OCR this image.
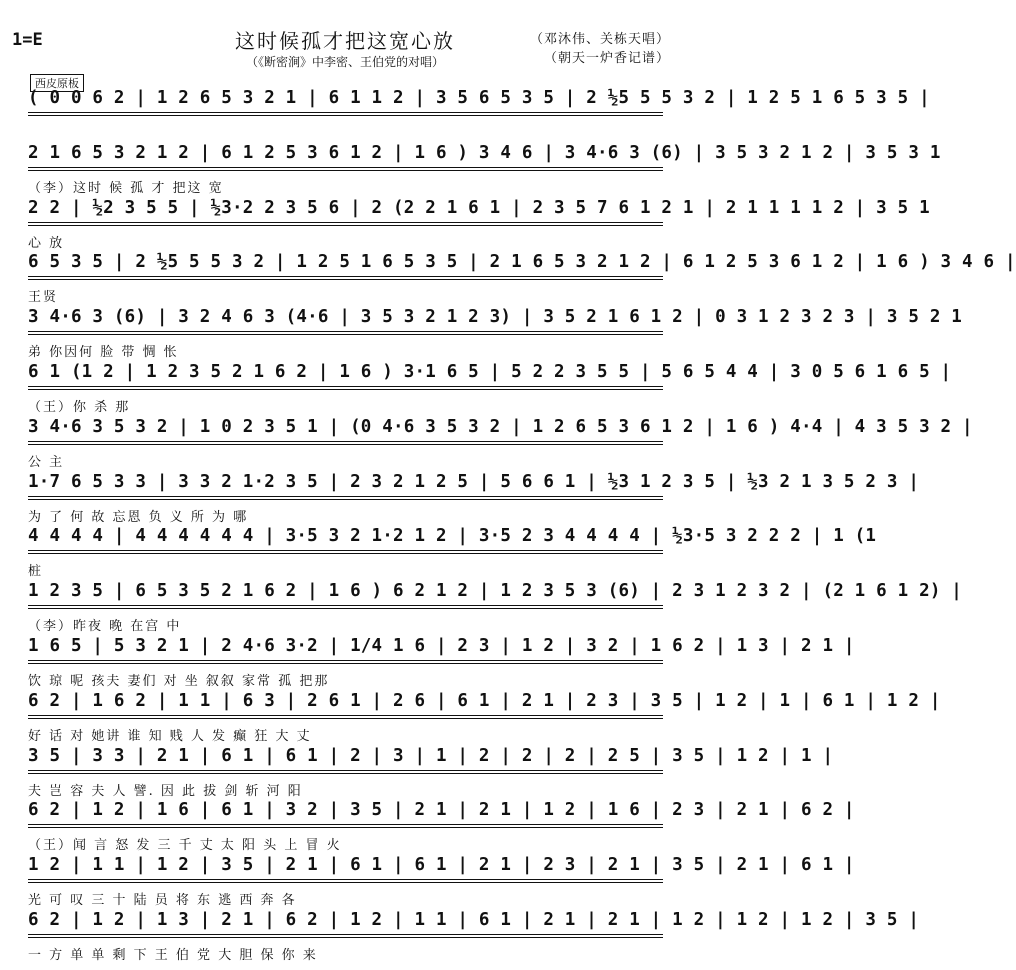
1=E	这时候孤才把这宽心放
（《断密涧》中李密、王伯党的对唱）
（邓沐伟、关栋天唱）
（朝天一炉香记谱）
西皮原板
( 0 0 6 2 | 1 2 6 5 3 2 1 | 6 1 1 2 | 3 5 6 5 3 5 | 2 ½5 5 5 3 2 | 1 2 5 1 6 5 3 5 |
2 1 6 5 3 2 1 2 | 6 1 2 5 3 6 1 2 | 1 6 ) 3 4 6 | 3 4·6 3 (6) | 3 5 3 2 1 2 | 3 5 3 1
（李）这时 候 孤 才 把这 宽
2 2 | ½2 3 5 5 | ½3·2 2 3 5 6 | 2 (2 2 1 6 1 | 2 3 5 7 6 1 2 1 | 2 1 1 1 1 2 | 3 5 1
心 放
6 5 3 5 | 2 ½5 5 5 3 2 | 1 2 5 1 6 5 3 5 | 2 1 6 5 3 2 1 2 | 6 1 2 5 3 6 1 2 | 1 6 ) 3 4 6 |
王贤
3 4·6 3 (6) | 3 2 4 6 3 (4·6 | 3 5 3 2 1 2 3) | 3 5 2 1 6 1 2 | 0 3 1 2 3 2 3 | 3 5 2 1
弟 你因何 脸 带 惆 怅
6 1 (1 2 | 1 2 3 5 2 1 6 2 | 1 6 ) 3·1 6 5 | 5 2 2 3 5 5 | 5 6 5 4 4 | 3 0 5 6 1 6 5 |
（王）你 杀 那
3 4·6 3 5 3 2 | 1 0 2 3 5 1 | (0 4·6 3 5 3 2 | 1 2 6 5 3 6 1 2 | 1 6 ) 4·4 | 4 3 5 3 2 |
公 主
1·7 6 5 3 3 | 3 3 2 1·2 3 5 | 2 3 2 1 2 5 | 5 6 6 1 | ½3 1 2 3 5 | ½3 2 1 3 5 2 3 |
为 了 何 故 忘恩 负 义 所 为 哪
4 4 4 4 | 4 4 4 4 4 4 | 3·5 3 2 1·2 1 2 | 3·5 2 3 4 4 4 4 | ½3·5 3 2 2 2 | 1 (1
桩
1 2 3 5 | 6 5 3 5 2 1 6 2 | 1 6 ) 6 2 1 2 | 1 2 3 5 3 (6) | 2 3 1 2 3 2 | (2 1 6 1 2) |
（李）昨夜 晚 在宫 中
1 6 5 | 5 3 2 1 | 2 4·6 3·2 | 1/4 1 6 | 2 3 | 1 2 | 3 2 | 1 6 2 | 1 3 | 2 1 |
饮 琼 呢 孩夫 妻们 对 坐 叙叙 家常 孤 把那
6 2 | 1 6 2 | 1 1 | 6 3 | 2 6 1 | 2 6 | 6 1 | 2 1 | 2 3 | 3 5 | 1 2 | 1 | 6 1 | 1 2 |
好 话 对 她讲 谁 知 贱 人 发 癫 狂 大 丈
3 5 | 3 3 | 2 1 | 6 1 | 6 1 | 2 | 3 | 1 | 2 | 2 | 2 | 2 5 | 3 5 | 1 2 | 1 |
夫 岂 容 夫 人 譬. 因 此 拔 剑 斩 河 阳
6 2 | 1 2 | 1 6 | 6 1 | 3 2 | 3 5 | 2 1 | 2 1 | 1 2 | 1 6 | 2 3 | 2 1 | 6 2 |
（王）闻 言 怒 发 三 千 丈 太 阳 头 上 冒 火
1 2 | 1 1 | 1 2 | 3 5 | 2 1 | 6 1 | 6 1 | 2 1 | 2 3 | 2 1 | 3 5 | 2 1 | 6 1 |
光 可 叹 三 十 陆 员 将 东 逃 西 奔 各
6 2 | 1 2 | 1 3 | 2 1 | 6 2 | 1 2 | 1 1 | 6 1 | 2 1 | 2 1 | 1 2 | 1 2 | 1 2 | 3 5 |
一 方 单 单 剩 下 王 伯 党 大 胆 保 你 来
